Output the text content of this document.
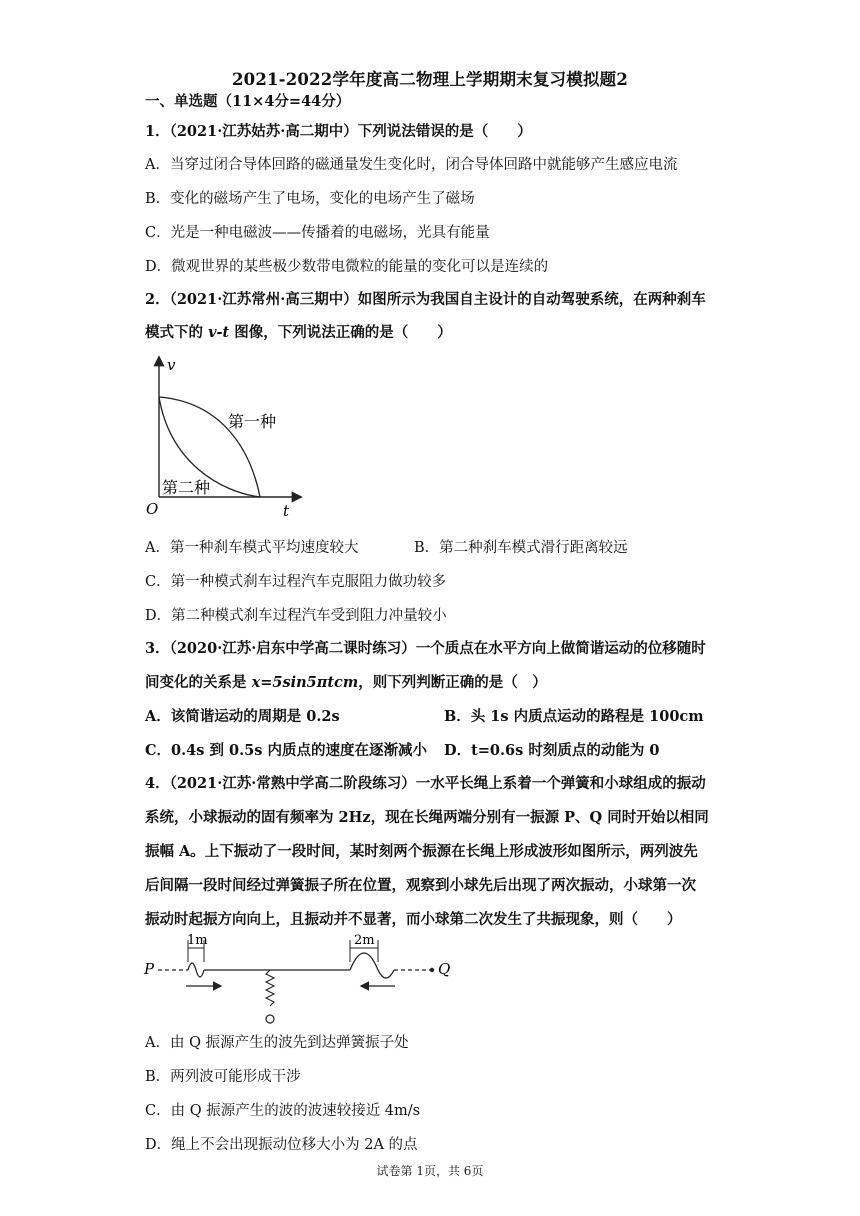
2021-2022学年度高二物理上学期期末复习模拟题2
一、单选题（11×4分=44分）
1．（2021·江苏姑苏·高二期中）下列说法错误的是（　　）
A．当穿过闭合导体回路的磁通量发生变化时，闭合导体回路中就能够产生感应电流
B．变化的磁场产生了电场，变化的电场产生了磁场
C．光是一种电磁波——传播着的电磁场，光具有能量
D．微观世界的某些极少数带电微粒的能量的变化可以是连续的
2．（2021·江苏常州·高三期中）如图所示为我国自主设计的自动驾驶系统，在两种刹车
模式下的 v-t 图像，下列说法正确的是（　　）
v
t
O
第一种
第二种
A．第一种刹车模式平均速度较大	B．第二种刹车模式滑行距离较远
C．第一种模式刹车过程汽车克服阻力做功较多
D．第二种模式刹车过程汽车受到阻力冲量较小
3．（2020·江苏·启东中学高二课时练习）一个质点在水平方向上做简谐运动的位移随时
间变化的关系是 x=5sin5πtcm，则下列判断正确的是（　）
A．该简谐运动的周期是 0.2s	B．头 1s 内质点运动的路程是 100cm
C．0.4s 到 0.5s 内质点的速度在逐渐减小 D．t=0.6s 时刻质点的动能为 0
4．（2021·江苏·常熟中学高二阶段练习）一水平长绳上系着一个弹簧和小球组成的振动
系统，小球振动的固有频率为 2Hz，现在长绳两端分别有一振源 P、Q 同时开始以相同
振幅 A。上下振动了一段时间，某时刻两个振源在长绳上形成波形如图所示，两列波先
后间隔一段时间经过弹簧振子所在位置，观察到小球先后出现了两次振动，小球第一次
振动时起振方向向上，且振动并不显著，而小球第二次发生了共振现象，则（　　）
P	Q
1m	2m
A．由 Q 振源产生的波先到达弹簧振子处
B．两列波可能形成干涉
C．由 Q 振源产生的波的波速较接近 4m/s
D．绳上不会出现振动位移大小为 2A 的点
试卷第 1页，共 6页
